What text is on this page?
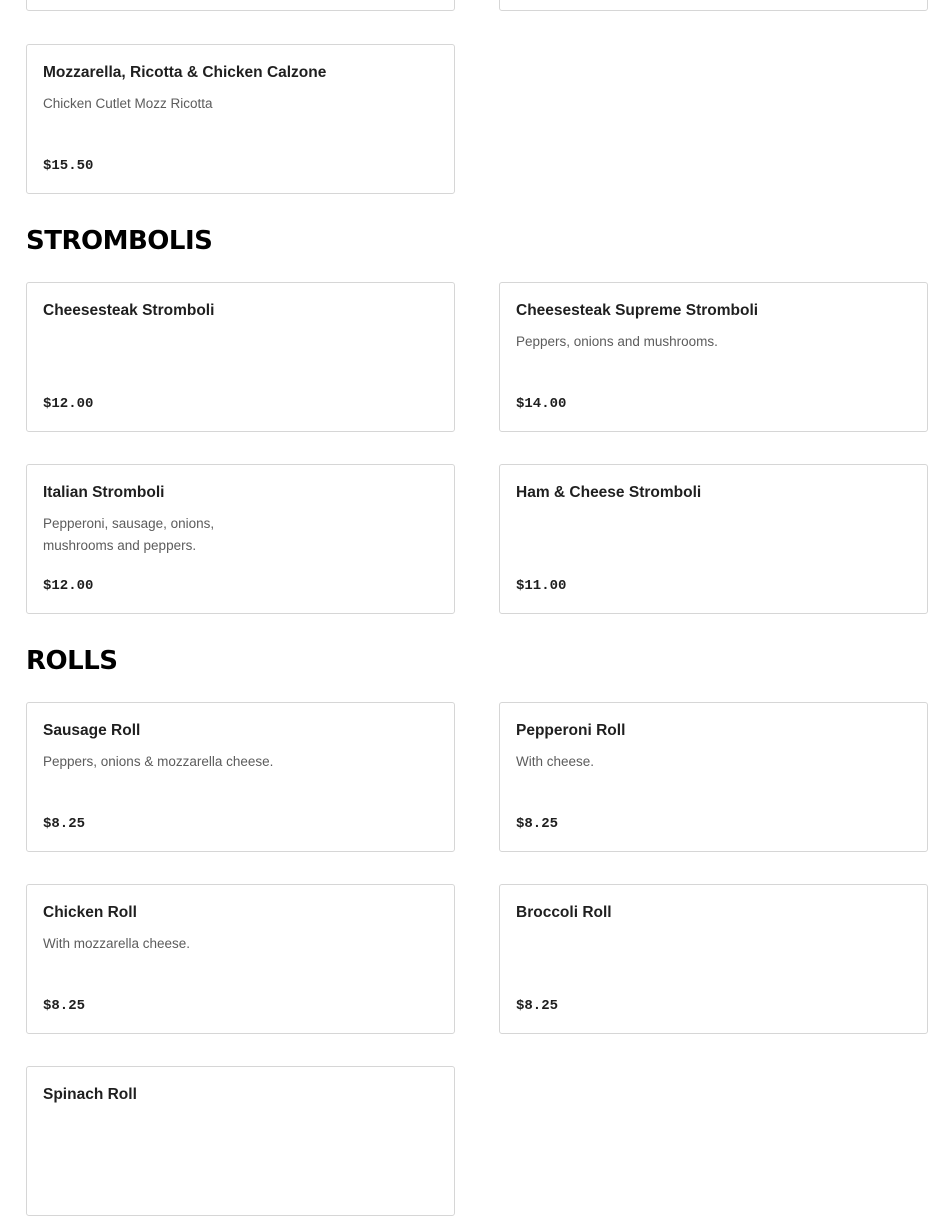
Mozzarella, Ricotta & Chicken Calzone
Chicken Cutlet Mozz Ricotta
$15.50
STROMBOLIS
Cheesesteak Stromboli
$12.00
Cheesesteak Supreme Stromboli
Peppers, onions and mushrooms.
$14.00
Italian Stromboli
Pepperoni, sausage, onions, mushrooms and peppers.
$12.00
Ham & Cheese Stromboli
$11.00
ROLLS
Sausage Roll
Peppers, onions & mozzarella cheese.
$8.25
Pepperoni Roll
With cheese.
$8.25
Chicken Roll
With mozzarella cheese.
$8.25
Broccoli Roll
$8.25
Spinach Roll
